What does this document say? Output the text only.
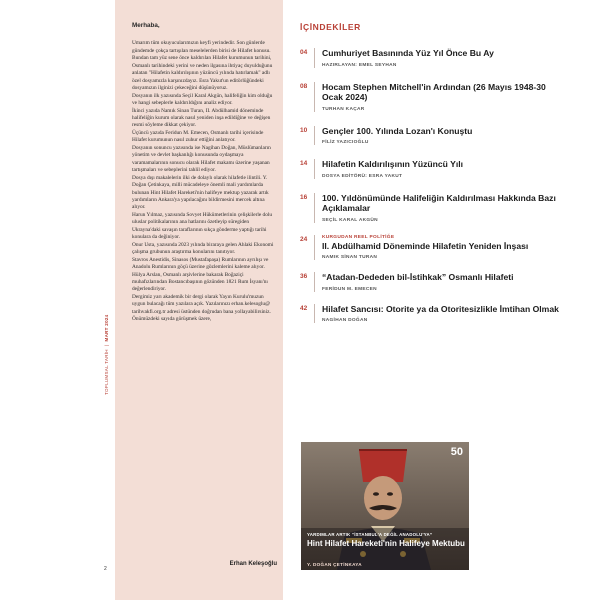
TOPLUMSAL TARİH  |  MART 2024
2
Merhaba,

Umarım tüm okuyucularımızın keyfi yerindedir. Son günlerde gündemde çokça tartışılan meselelerden birisi de Hilafet konusu. Bundan tam yüz sene önce kaldırılan Hilafet kurumunun tarihini, Osmanlı tarihindeki yerini ve neden ilgasına ihtiyaç duyulduğunu anlatan "Hilafetin kaldırılışının yüzüncü yılında hatırlamak" adlı özel dosyamızla karşınızdayız. Esra Yakut'un editörlüğündeki dosyamızın ilginizi çekeceğini düşünüyoruz.

Dosyanın ilk yazısında Seçil Karal Akgün, halifeliğin kim olduğu ve hangi sebeplerle kaldırıldığını analiz ediyor.

İkinci yazıda Namık Sinan Turan, II. Abdülhamid döneminde halifeliğin kurum olarak nasıl yeniden inşa edildiğine ve değişen resmi söyleme dikkat çekiyor.

Üçüncü yazıda Feridun M. Emecen, Osmanlı tarihi içerisinde Hilafet kurumunun nasıl zuhur ettiğini anlatıyor.

Dosyanın sonuncu yazısında ise Nagihan Doğan, Müslümanların yönetim ve devlet başkanlığı konusunda oydaşmaya varamamalarının sonucu olarak Hilafet makamı üzerine yaşanan tartışmaları ve sebeplerini tahlil ediyor.

Dosya dışı makalelerin ilki de dolaylı olarak hilafetle ilintili. Y. Doğan Çetinkaya, milli mücadeleye önemli mali yardımlarda bulunan Hint Hilafet Hareketi'nin halifeye mektup yazarak artık yardımların Ankara'ya yapılacağını bildirmesini mercek altına alıyor.

Harun Yılmaz, yazısında Sovyet Hükümetlerinin çelişkilerle dolu uluslar politikalarının ana hatlarını özetleyip süregiden Ukrayna'daki savaşın taraflarının sıkça gönderme yaptığı tarihi konulara da değiniyor.

Onur Usta, yazısında 2023 yılında biraraya gelen Ahlaki Ekonomi çalışma grubunun araştırma konularını tanıtıyor.

Stavros Anestidis, Sinasos (Mustafapaşa) Rumlarının ayrılışı ve Anadolu Rumlarının göçü üzerine gözlemlerini kaleme alıyor.

Hülya Arslan, Osmanlı arşivlerine bakarak Boğaziçi muhafızlarından Bostancıbaşının gözünden 1821 Rum İsyanı'nı değerlendiriyor.

Dergimiz yarı akademik bir dergi olarak Yayın Kurulu'muzun uygun bulacağı tüm yazılara açık. Yazılarınızı erhan.kelesoglu@ tarihvakfi.org.tr adresi üstünden doğrudan bana yollayabilirsiniz.

Önümüzdeki sayıda görüşmek üzere,

Erhan Keleşoğlu
İÇİNDEKİLER
04	Cumhuriyet Basınında Yüz Yıl Önce Bu Ay
HAZIRLAYAN: EMEL SEYHAN
08	Hocam Stephen Mitchell'in Ardından (26 Mayıs 1948-30 Ocak 2024)
TURHAN KAÇAR
10	Gençler 100. Yılında Lozan'ı Konuştu
FİLİZ YAZICIOĞLU
14	Hilafetin Kaldırılışının Yüzüncü Yılı
DOSYA EDİTÖRÜ: ESRA YAKUT
16	100. Yıldönümünde Halifeliğin Kaldırılması Hakkında Bazı Açıklamalar
SEÇİL KARAL AKGÜN
24	KURGUDAN REEL POLİTİĞE
II. Abdülhamid Döneminde Hilafetin Yeniden İnşası
NAMIK SİNAN TURAN
36	“Atadan-Dededen bil-İstihkak” Osmanlı Hilafeti
FERİDUN M. EMECEN
42	Hilafet Sancısı: Otorite ya da Otoritesizlikle İmtihan Olmak
NAGİHAN DOĞAN
50
YARDIMLAR ARTIK “İSTANBUL'A DEĞİL ANADOLU'YA”
Hint Hilafet Hareketi'nin Halifeye Mektubu
Y. DOĞAN ÇETİNKAYA
